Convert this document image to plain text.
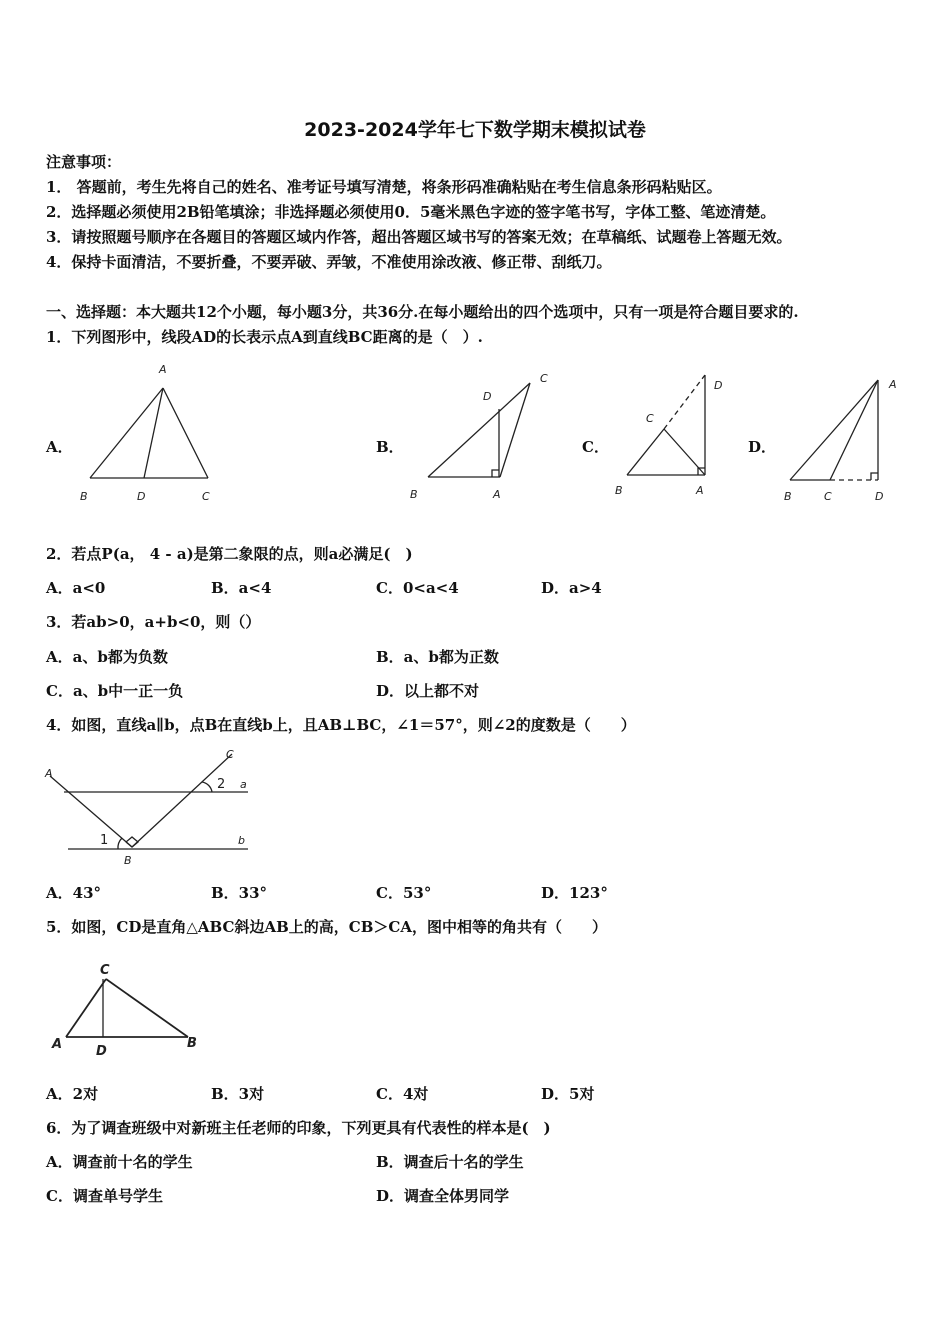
2023-2024学年七下数学期末模拟试卷
注意事项：
1． 答题前，考生先将自己的姓名、准考证号填写清楚，将条形码准确粘贴在考生信息条形码粘贴区。
2．选择题必须使用2B铅笔填涂；非选择题必须使用0．5毫米黑色字迹的签字笔书写，字体工整、笔迹清楚。
3．请按照题号顺序在各题目的答题区域内作答，超出答题区域书写的答案无效；在草稿纸、试题卷上答题无效。
4．保持卡面清洁，不要折叠，不要弄破、弄皱，不准使用涂改液、修正带、刮纸刀。
一、选择题：本大题共12个小题，每小题3分，共36分.在每小题给出的四个选项中，只有一项是符合题目要求的.
1．下列图形中，线段AD的长表示点A到直线BC距离的是（　）.
A．	B．	C．	D．
A
B	D	C
C
D
B	A
D
C
B	A
A
B	C	D
2．若点P(a， 4 - a)是第二象限的点，则a必满足(　)
A．a<0	B．a<4	C．0<a<4	D．a>4
3．若ab>0，a+b<0，则（）
A．a、b都为负数	B．a、b都为正数
C．a、b中一正一负	D．以上都不对
4．如图，直线a∥b，点B在直线b上，且AB⊥BC，∠1＝57°，则∠2的度数是（　　）
A
C
a
b
B
1
2
A．43°	B．33°	C．53°	D．123°
5．如图，CD是直角△ABC斜边AB上的高，CB＞CA，图中相等的角共有（　　）
C
A	D
B
A．2对	B．3对	C．4对	D．5对
6．为了调查班级中对新班主任老师的印象，下列更具有代表性的样本是(　)
A．调查前十名的学生	B．调查后十名的学生
C．调查单号学生	D．调查全体男同学
